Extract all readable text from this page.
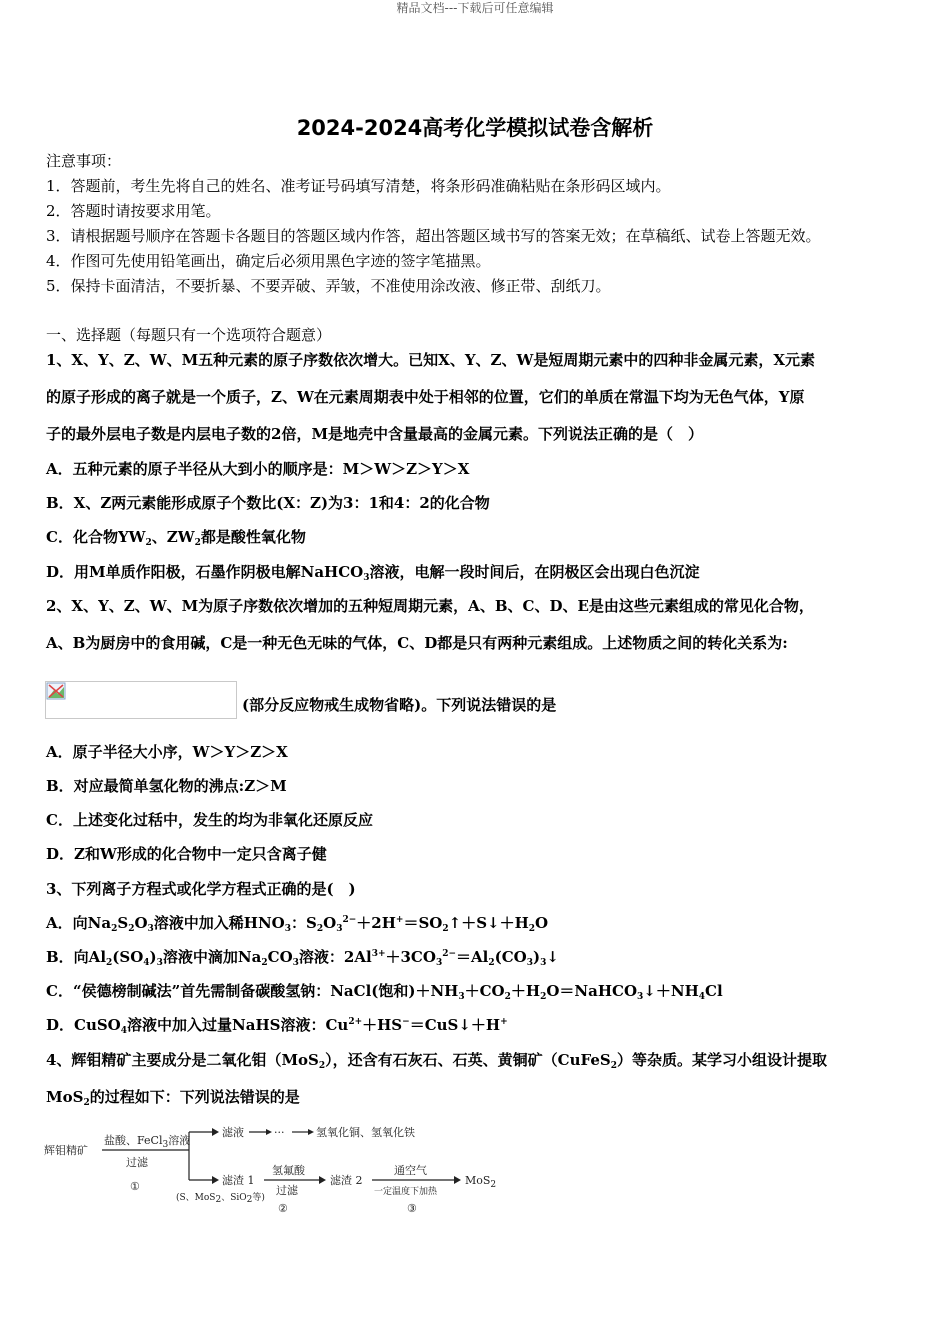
精品文档---下载后可任意编辑
2024-2024高考化学模拟试卷含解析
注意事项：
1．答题前，考生先将自己的姓名、准考证号码填写清楚，将条形码准确粘贴在条形码区域内。
2．答题时请按要求用笔。
3．请根据题号顺序在答题卡各题目的答题区域内作答，超出答题区域书写的答案无效；在草稿纸、试卷上答题无效。
4．作图可先使用铅笔画出，确定后必须用黑色字迹的签字笔描黑。
5．保持卡面清洁，不要折暴、不要弄破、弄皱，不准使用涂改液、修正带、刮纸刀。
一、选择题（每题只有一个选项符合题意）
1、X、Y、Z、W、M五种元素的原子序数依次增大。已知X、Y、Z、W是短周期元素中的四种非金属元素，X元素
的原子形成的离子就是一个质子，Z、W在元素周期表中处于相邻的位置，它们的单质在常温下均为无色气体，Y原
子的最外层电子数是内层电子数的2倍，M是地壳中含量最高的金属元素。下列说法正确的是（　）
A．五种元素的原子半径从大到小的顺序是：M＞W＞Z＞Y＞X
B．X、Z两元素能形成原子个数比(X：Z)为3：1和4：2的化合物
C．化合物$YW_2$、$ZW_2$都是酸性氧化物
D．用M单质作阳极，石墨作阴极电解NaHCO$_3$溶液，电解一段时间后，在阴极区会出现白色沉淀
2、X、Y、Z、W、M为原子序数依次增加的五种短周期元素，A、B、C、D、E是由这些元素组成的常见化合物，
A、B为厨房中的食用碱，C是一种无色无味的气体，C、D都是只有两种元素组成。上述物质之间的转化关系为:
(部分反应物戒生成物省略)。下列说法错误的是
A．原子半径大小序，W＞Y＞Z＞X
B．对应最简单氢化物的沸点:Z＞M
C．上述变化过秳中，发生的均为非氧化还原反应
D．Z和W形成的化合物中一定只含离子健
3、下列离子方程式或化学方程式正确的是(　)
A．向$Na_2S_2O_3$溶液中加入稀$HNO_3$：$S_2O_3^{2-}+2H^+=SO_2↑+S↓+H_2O$
B．向$Al_2(SO_4)_3$溶液中滴加$Na_2CO_3$溶液：$2Al^{3+}+3CO_3^{2-}=Al_2(CO_3)_3↓$
C．“侯德榜制碱法”首先需制备碳酸氢钠：NaCl(饱和)$+NH_3+CO_2+H_2O=NaHCO_3↓+NH_4Cl$
D．CuSO$_4$溶液中加入过量NaHS溶液：$Cu^{2+}+HS^-=CuS↓+H^+$
4、辉钼精矿主要成分是二氧化钼（MoS$_2$），还含有石灰石、石英、黄铜矿（CuFeS$_2$）等杂质。某学习小组设计提取
MoS$_2$的过程如下：下列说法错误的是
辉钼精矿
盐酸、FeCl$_3$溶液
过滤
①
滤液	···	氢氧化铜、氢氧化铁
滤渣 1
(S、MoS2、SiO2等)
氢氟酸
过滤
②
滤渣 2
通空气
一定温度下加热
③
MoS$_2$
